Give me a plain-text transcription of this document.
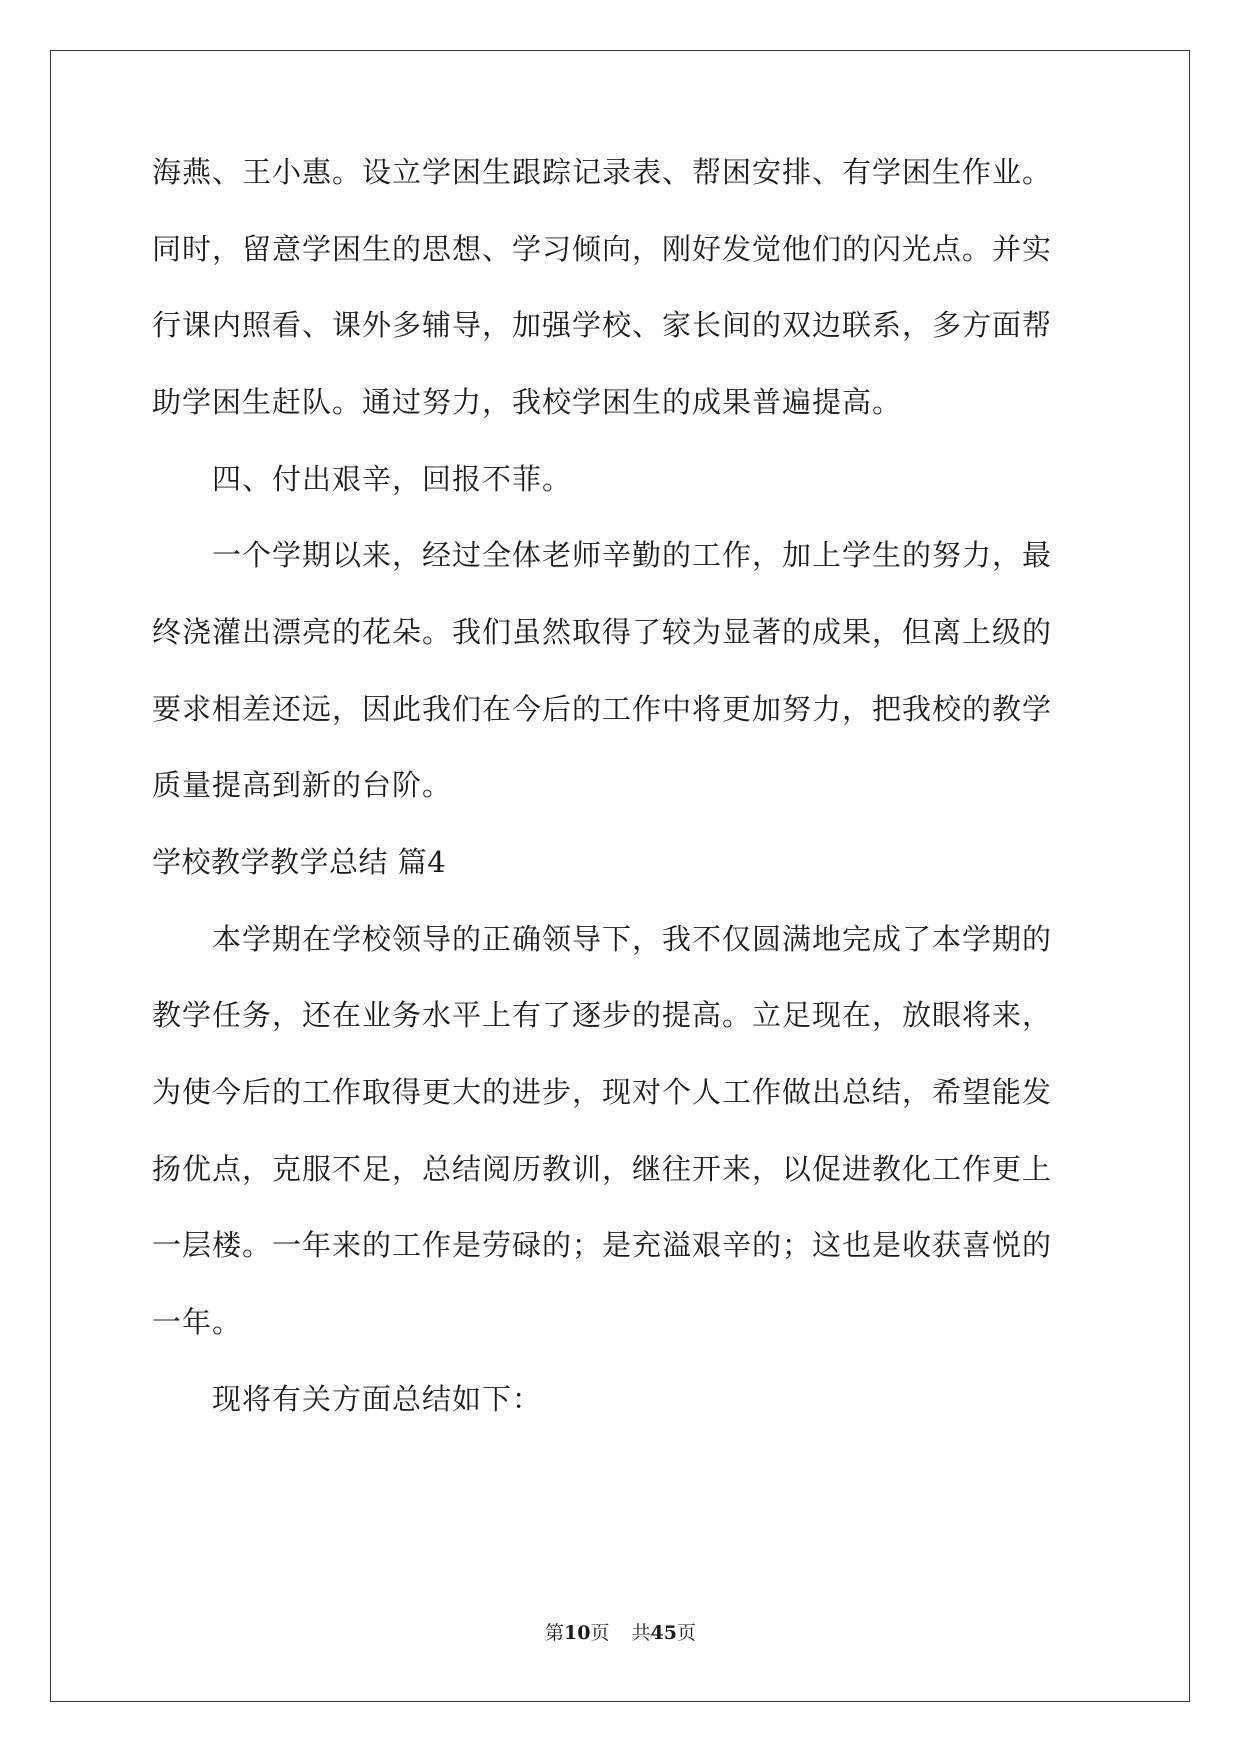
海燕、王小惠。设立学困生跟踪记录表、帮困安排、有学困生作业。
同时，留意学困生的思想、学习倾向，刚好发觉他们的闪光点。并实
行课内照看、课外多辅导，加强学校、家长间的双边联系，多方面帮
助学困生赶队。通过努力，我校学困生的成果普遍提高。
　　四、付出艰辛，回报不菲。
　　一个学期以来，经过全体老师辛勤的工作，加上学生的努力，最
终浇灌出漂亮的花朵。我们虽然取得了较为显著的成果，但离上级的
要求相差还远，因此我们在今后的工作中将更加努力，把我校的教学
质量提高到新的台阶。
学校教学教学总结 篇4
　　本学期在学校领导的正确领导下，我不仅圆满地完成了本学期的
教学任务，还在业务水平上有了逐步的提高。立足现在，放眼将来，
为使今后的工作取得更大的进步，现对个人工作做出总结，希望能发
扬优点，克服不足，总结阅历教训，继往开来，以促进教化工作更上
一层楼。一年来的工作是劳碌的；是充溢艰辛的；这也是收获喜悦的
一年。
　　现将有关方面总结如下：
第10页 共45页
